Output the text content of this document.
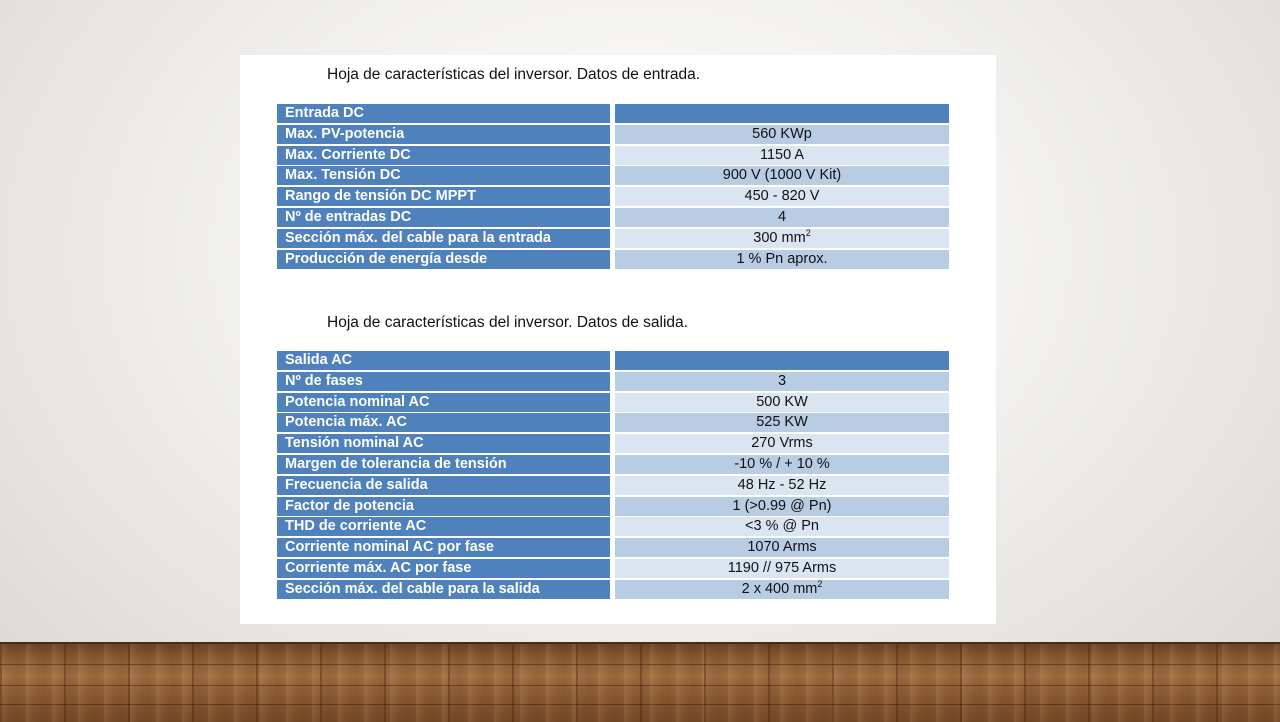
Hoja de características del inversor. Datos de entrada.
Entrada DC
Max. PV-potencia	560 KWp
Max. Corriente DC	1150 A
Max. Tensión DC	900 V (1000 V Kit)
Rango de tensión DC MPPT	450 - 820 V
Nº de entradas DC	4
Sección máx. del cable para la entrada	300 $mm^2$
Producción de energía desde	1 % Pn aprox.
Hoja de características del inversor. Datos de salida.
Salida AC
Nº de fases	3
Potencia nominal AC	500 KW
Potencia máx. AC	525 KW
Tensión nominal AC	270 Vrms
Margen de tolerancia de tensión	-10 % / + 10 %
Frecuencia de salida	48 Hz - 52 Hz
Factor de potencia	1 (>0.99 @ Pn)
THD de corriente AC	<3 % @ Pn
Corriente nominal AC por fase	1070 Arms
Corriente máx. AC por fase	1190 // 975 Arms
Sección máx. del cable para la salida	2 x 400 $mm^2$
